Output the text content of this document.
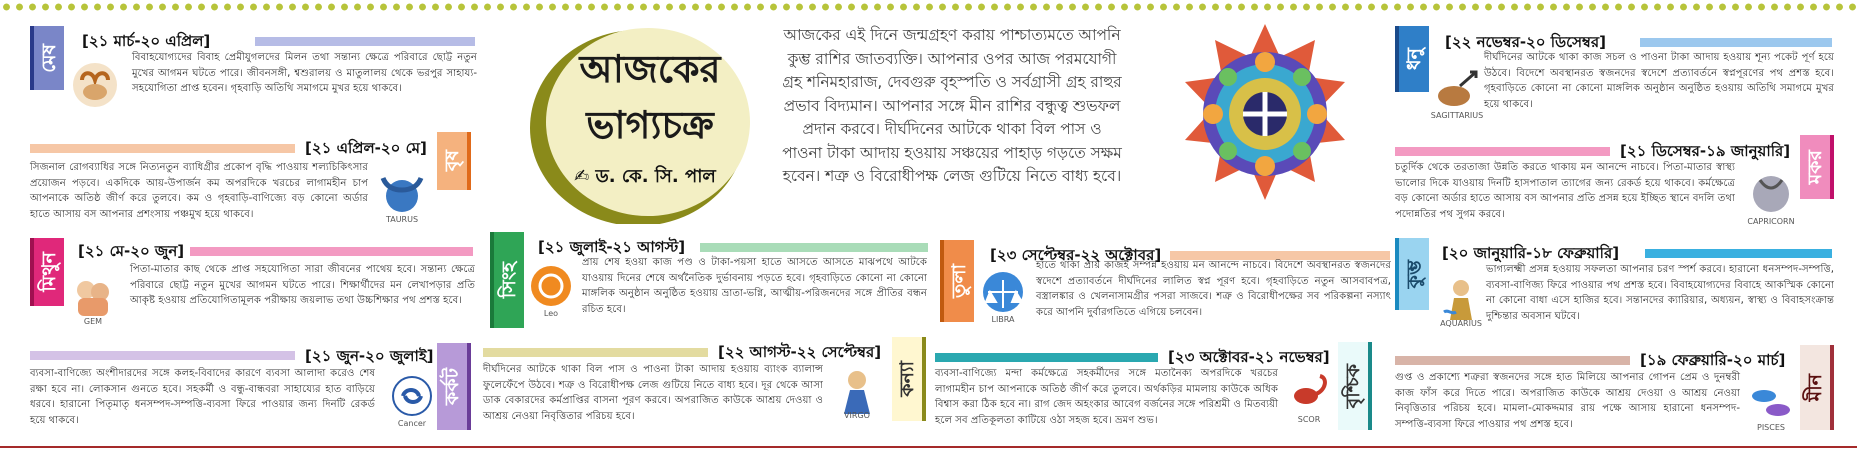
মেষ
[২১ মার্চ-২০ এপ্রিল]

বিবাহযোগ্যদের বিবাহ প্রেমীযুগলদের মিলন তথা সন্তান্য ক্ষেত্রে পরিবারে ছোট্ট নতুন মুখের আগমন ঘটতে পারে। জীবনসঙ্গী, শ্বশুরালয় ও মাতুলালয় থেকে ভরপুর সাহায্য-সহযোগিতা প্রাপ্ত হবেন। গৃহবাড়ি অতিথি সমাগমে মুখর হয়ে থাকবে।

বৃষ
[২১ এপ্রিল-২০ মে]
TAURUS

সিজনাল রোগব্যাধির সঙ্গে নিত্যনতুন ব্যাধিগ্রীর প্রকোপ বৃদ্ধি পাওয়ায় শল্যচিকিৎসার প্রয়োজন পড়বে। একদিকে আয়-উপার্জন কম অপরদিকে খরচের লাগামহীন চাপ আপনাকে অতিষ্ঠ জীর্ণ করে তুলবে। কম ও গৃহবাড়ি-বাণিজ্যে বড় কোনো অর্ডার হাতে আসায় বস আপনার প্রশংসায় পঞ্চমুখ হয়ে থাকবে।

মিথুন
[২১ মে-২০ জুন]
GEM

পিতা-মাতার কাছ থেকে প্রাপ্ত সহযোগিতা সারা জীবনের পাথেয় হবে। সন্তান্য ক্ষেত্রে পরিবারে ছোট্ট নতুন মুখের আগমন ঘটতে পারে। শিক্ষার্থীদের মন লেখাপড়ার প্রতি আকৃষ্ট হওয়ায় প্রতিযোগিতামূলক পরীক্ষায় জয়লাভ তথা উচ্চশিক্ষার পথ প্রশস্ত হবে।

কর্কট
[২১ জুন-২০ জুলাই]
Cancer

ব্যবসা-বাণিজ্যে অংশীদারদের সঙ্গে কলহ-বিবাদের কারণে ব্যবসা আলাদা করেও শেষ রক্ষা হবে না। লোকসান গুনতে হবে। সহকর্মী ও বন্ধু-বান্ধবরা সাহায্যের হাত বাড়িয়ে ধরবে। হারানো পিতৃমাতৃ ধনসম্পদ-সম্পত্তি-ব্যবসা ফিরে পাওয়ার জন্য দিনটি রেকর্ড হয়ে থাকবে।

আজকের
ভাগ্যচক্র
✍ ড. কে. সি. পাল

আজকের এই দিনে জন্মগ্রহণ করায় পাশ্চাত্যমতে আপনি কুম্ভ রাশির জাতব্যক্তি। আপনার ওপর আজ পরমযোগী গ্রহ শনিমহারাজ, দেবগুরু বৃহস্পতি ও সর্বগ্রাসী গ্রহ রাহুর প্রভাব বিদ্যমান। আপনার সঙ্গে মীন রাশির বন্ধুত্ব শুভফল প্রদান করবে। দীর্ঘদিনের আটকে থাকা বিল পাস ও পাওনা টাকা আদায় হওয়ায় সঞ্চয়ের পাহাড় গড়তে সক্ষম হবেন। শত্রু ও বিরোধীপক্ষ লেজ গুটিয়ে নিতে বাধ্য হবে।

সিংহ
[২১ জুলাই-২১ আগস্ট]
Leo

প্রায় শেষ হওয়া কাজ পণ্ড ও টাকা-পয়সা হাতে আসতে আসতে মাঝপথে আটকে যাওয়ায় দিনের শেষে অর্থনৈতিক দুর্ভাবনায় পড়তে হবে। গৃহবাড়িতে কোনো না কোনো মাঙ্গলিক অনুষ্ঠান অনুষ্ঠিত হওয়ায় ভ্রাতা-ভগ্নি, আত্মীয়-পরিজনদের সঙ্গে প্রীতির বন্ধন রচিত হবে।

কন্যা
[২২ আগস্ট-২২ সেপ্টেম্বর]
VIRGO

দীর্ঘদিনের আটকে থাকা বিল পাস ও পাওনা টাকা আদায় হওয়ায় ব্যাংক ব্যালান্স ফুলেফেঁপে উঠবে। শত্রু ও বিরোধীপক্ষ লেজ গুটিয়ে নিতে বাধ্য হবে। দূর থেকে আসা ডাক বেকারদের কর্মপ্রাপ্তির বাসনা পূরণ করবে। অপরাজিত কাউকে আশ্রয় দেওয়া ও আশ্রয় নেওয়া নিবৃত্তিতার পরিচয় হবে।

তুলা
[২৩ সেপ্টেম্বর-২২ অক্টোবর]
LIBRA

হাতে থাকা প্রায় কাজই সম্পন্ন হওয়ায় মন আনন্দে নাচবে। বিদেশে অবস্থানরত স্বজনদের স্বদেশে প্রত্যাবর্তনে দীর্ঘদিনের লালিত স্বপ্ন পূরণ হবে। গৃহবাড়িতে নতুন আসবাবপত্র, বস্ত্রালঙ্কার ও খেলনাসামগ্রীর পসরা সাজবে। শত্রু ও বিরোধীপক্ষের সব পরিকল্পনা নস্যাৎ করে আপনি দুর্বারগতিতে এগিয়ে চলবেন।

বৃশ্চিক
[২৩ অক্টোবর-২১ নভেম্বর]
SCOR

ব্যবসা-বাণিজ্যে মন্দা কর্মক্ষেত্রে সহকর্মীদের সঙ্গে মতানৈক্য অপরদিকে খরচের লাগামহীন চাপ আপনাকে অতিষ্ঠ জীর্ণ করে তুলবে। অর্থকড়ির মামলায় কাউকে অধিক বিশ্বাস করা ঠিক হবে না। রাগ জেদ অহংকার আবেগ বর্জনের সঙ্গে পরিশ্রমী ও মিতব্যয়ী হলে সব প্রতিকূলতা কাটিয়ে ওঠা সহজ হবে। ভ্রমণ শুভ।

ধনু
[২২ নভেম্বর-২০ ডিসেম্বর]
SAGITTARIUS

দীর্ঘদিনের আটকে থাকা কাজ সচল ও পাওনা টাকা আদায় হওয়ায় শূন্য পকেট পূর্ণ হয়ে উঠবে। বিদেশে অবস্থানরত স্বজনদের স্বদেশে প্রত্যাবর্তনে স্বপ্নপূরণের পথ প্রশস্ত হবে। গৃহবাড়িতে কোনো না কোনো মাঙ্গলিক অনুষ্ঠান অনুষ্ঠিত হওয়ায় অতিথি সমাগমে মুখর হয়ে থাকবে।

মকর
[২১ ডিসেম্বর-১৯ জানুয়ারি]
CAPRICORN

চতুর্দিক থেকে তরতাজা উন্নতি করতে থাকায় মন আনন্দে নাচবে। পিতা-মাতার স্বাস্থ্য ভালোর দিকে যাওয়ায় দিনটি হাসপাতাল ত্যাগের জন্য রেকর্ড হয়ে থাকবে। কর্মক্ষেত্রে বড় কোনো অর্ডার হাতে আসায় বস আপনার প্রতি প্রসন্ন হয়ে ইচ্ছিত স্থানে বদলি তথা পদোন্নতির পথ সুগম করবে।

কুম্ভ
[২০ জানুয়ারি-১৮ ফেব্রুয়ারি]
AQUARIUS

ভাগ্যলক্ষ্মী প্রসন্ন হওয়ায় সফলতা আপনার চরণ স্পর্শ করবে। হারানো ধনসম্পদ-সম্পত্তি, ব্যবসা-বাণিজ্য ফিরে পাওয়ার পথ প্রশস্ত হবে। বিবাহযোগ্যদের বিবাহে আকস্মিক কোনো না কোনো বাধা এসে হাজির হবে। সন্তানদের ক্যারিয়ার, অধ্যয়ন, স্বাস্থ্য ও বিবাহসংক্রান্ত দুশ্চিন্তার অবসান ঘটবে।

মীন
[১৯ ফেব্রুয়ারি-২০ মার্চ]
PISCES

গুপ্ত ও প্রকাশ্যে শত্রুরা স্বজনদের সঙ্গে হাত মিলিয়ে আপনার গোপন প্রেম ও দুনম্বরী কাজ ফাঁস করে দিতে পারে। অপরাজিত কাউকে আশ্রয় দেওয়া ও আশ্রয় নেওয়া নিবৃত্তিতার পরিচয় হবে। মামলা-মোকদ্দমার রায় পক্ষে আসায় হারানো ধনসম্পদ-সম্পত্তি-ব্যবসা ফিরে পাওয়ার পথ প্রশস্ত হবে।
